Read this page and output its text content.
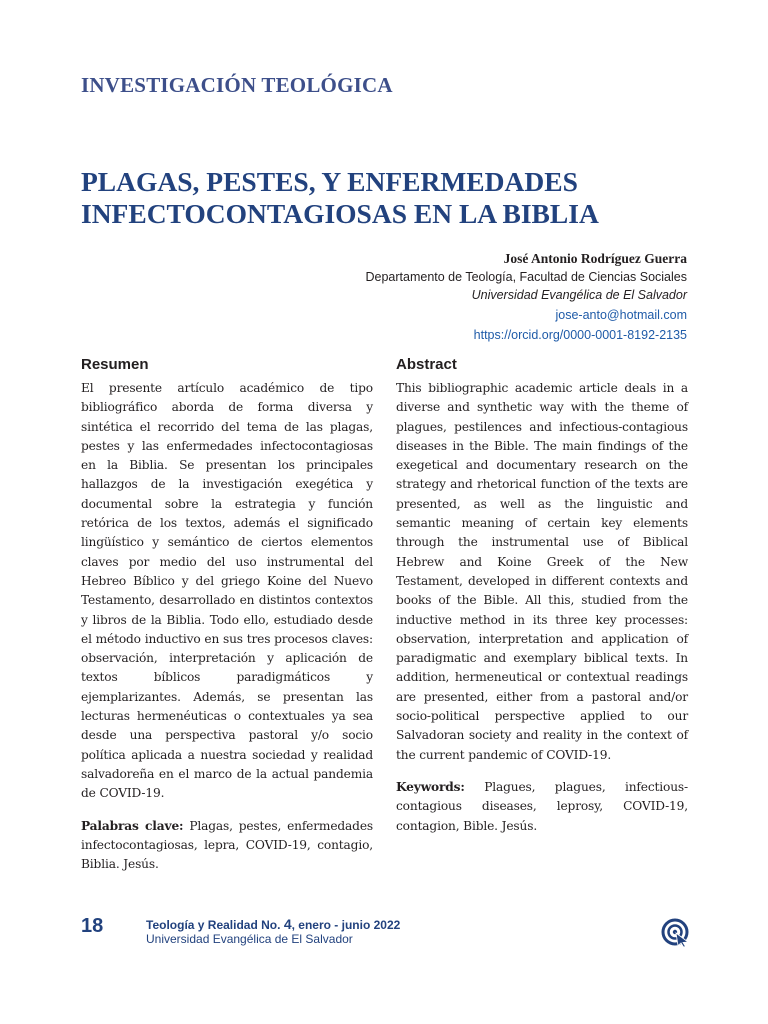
INVESTIGACIÓN TEOLÓGICA
PLAGAS, PESTES, Y ENFERMEDADES
INFECTOCONTAGIOSAS EN LA BIBLIA
José Antonio Rodríguez Guerra
Departamento de Teología, Facultad de Ciencias Sociales
Universidad Evangélica de El Salvador
jose-anto@hotmail.com
https://orcid.org/0000-0001-8192-2135
Resumen

El presente artículo académico de tipo bibliográfico aborda de forma diversa y sintética el recorrido del tema de las plagas, pestes y las enfermedades infectocontagiosas en la Biblia. Se presentan los principales hallazgos de la investigación exegética y documental sobre la estrategia y función retórica de los textos, además el significado lingüístico y semántico de ciertos elementos claves por medio del uso instrumental del Hebreo Bíblico y del griego Koine del Nuevo Testamento, desarrollado en distintos contextos y libros de la Biblia. Todo ello, estudiado desde el método inductivo en sus tres procesos claves: observación, interpretación y aplicación de textos bíblicos paradigmáticos y ejemplarizantes. Además, se presentan las lecturas hermenéuticas o contextuales ya sea desde una perspectiva pastoral y/o socio política aplicada a nuestra sociedad y realidad salvadoreña en el marco de la actual pandemia de COVID-19.

Palabras clave: Plagas, pestes, enfermedades infectocontagiosas, lepra, COVID-19, contagio, Biblia. Jesús.

Abstract

This bibliographic academic article deals in a diverse and synthetic way with the theme of plagues, pestilences and infectious-contagious diseases in the Bible. The main findings of the exegetical and documentary research on the strategy and rhetorical function of the texts are presented, as well as the linguistic and semantic meaning of certain key elements through the instrumental use of Biblical Hebrew and Koine Greek of the New Testament, developed in different contexts and books of the Bible. All this, studied from the inductive method in its three key processes: observation, interpretation and application of paradigmatic and exemplary biblical texts. In addition, hermeneutical or contextual readings are presented, either from a pastoral and/or socio-political perspective applied to our Salvadoran society and reality in the context of the current pandemic of COVID-19.

Keywords: Plagues, plagues, infectious-contagious diseases, leprosy, COVID-19, contagion, Bible. Jesús.

18	Teología y Realidad No. 4, enero - junio 2022
Universidad Evangélica de El Salvador
